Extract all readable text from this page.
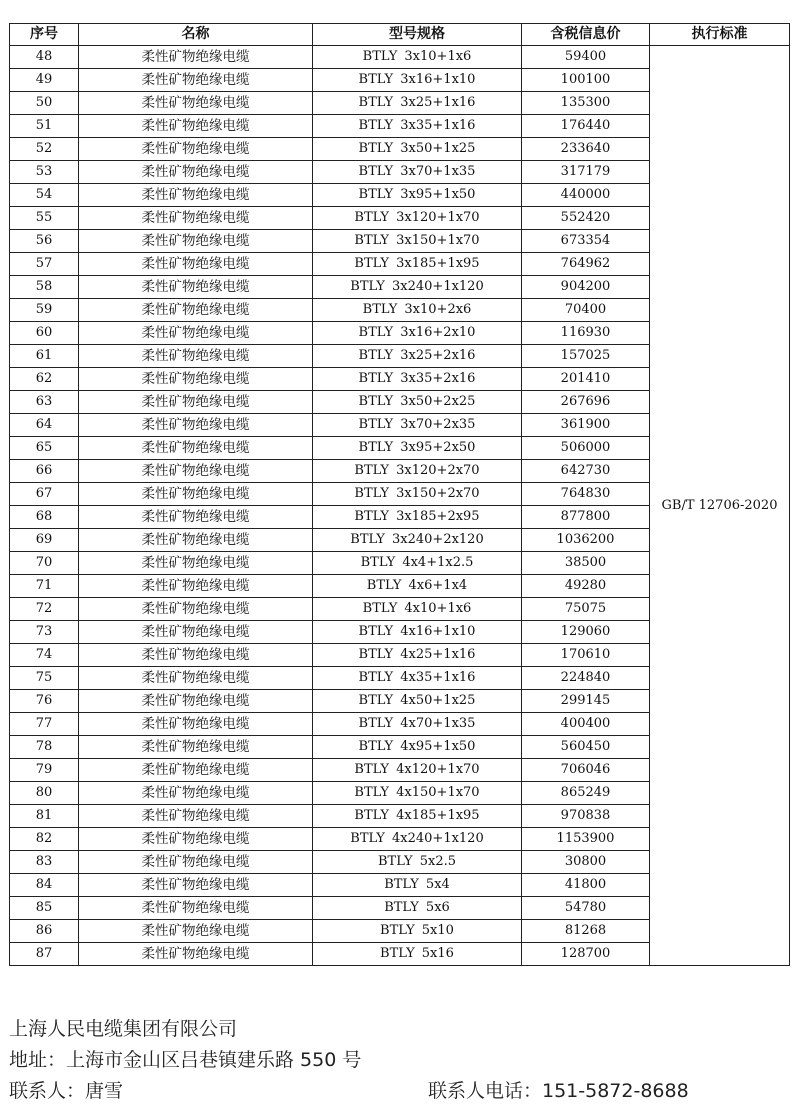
序号	名称	型号规格	含税信息价	执行标准
48	柔性矿物绝缘电缆	BTLY 3x10+1x6	59400	GB/T 12706-2020
49	柔性矿物绝缘电缆	BTLY 3x16+1x10	100100	
50	柔性矿物绝缘电缆	BTLY 3x25+1x16	135300	
51	柔性矿物绝缘电缆	BTLY 3x35+1x16	176440	
52	柔性矿物绝缘电缆	BTLY 3x50+1x25	233640	
53	柔性矿物绝缘电缆	BTLY 3x70+1x35	317179	
54	柔性矿物绝缘电缆	BTLY 3x95+1x50	440000	
55	柔性矿物绝缘电缆	BTLY 3x120+1x70	552420	
56	柔性矿物绝缘电缆	BTLY 3x150+1x70	673354	
57	柔性矿物绝缘电缆	BTLY 3x185+1x95	764962	
58	柔性矿物绝缘电缆	BTLY 3x240+1x120	904200	
59	柔性矿物绝缘电缆	BTLY 3x10+2x6	70400	
60	柔性矿物绝缘电缆	BTLY 3x16+2x10	116930	
61	柔性矿物绝缘电缆	BTLY 3x25+2x16	157025	
62	柔性矿物绝缘电缆	BTLY 3x35+2x16	201410	
63	柔性矿物绝缘电缆	BTLY 3x50+2x25	267696	
64	柔性矿物绝缘电缆	BTLY 3x70+2x35	361900	
65	柔性矿物绝缘电缆	BTLY 3x95+2x50	506000	
66	柔性矿物绝缘电缆	BTLY 3x120+2x70	642730	
67	柔性矿物绝缘电缆	BTLY 3x150+2x70	764830	
68	柔性矿物绝缘电缆	BTLY 3x185+2x95	877800	
69	柔性矿物绝缘电缆	BTLY 3x240+2x120	1036200	
70	柔性矿物绝缘电缆	BTLY 4x4+1x2.5	38500	
71	柔性矿物绝缘电缆	BTLY 4x6+1x4	49280	
72	柔性矿物绝缘电缆	BTLY 4x10+1x6	75075	
73	柔性矿物绝缘电缆	BTLY 4x16+1x10	129060	
74	柔性矿物绝缘电缆	BTLY 4x25+1x16	170610	
75	柔性矿物绝缘电缆	BTLY 4x35+1x16	224840	
76	柔性矿物绝缘电缆	BTLY 4x50+1x25	299145	
77	柔性矿物绝缘电缆	BTLY 4x70+1x35	400400	
78	柔性矿物绝缘电缆	BTLY 4x95+1x50	560450	
79	柔性矿物绝缘电缆	BTLY 4x120+1x70	706046	
80	柔性矿物绝缘电缆	BTLY 4x150+1x70	865249	
81	柔性矿物绝缘电缆	BTLY 4x185+1x95	970838	
82	柔性矿物绝缘电缆	BTLY 4x240+1x120	1153900	
83	柔性矿物绝缘电缆	BTLY 5x2.5	30800	
84	柔性矿物绝缘电缆	BTLY 5x4	41800	
85	柔性矿物绝缘电缆	BTLY 5x6	54780	
86	柔性矿物绝缘电缆	BTLY 5x10	81268	
87	柔性矿物绝缘电缆	BTLY 5x16	128700	
上海人民电缆集团有限公司
地址：上海市金山区吕巷镇建乐路 550 号
联系人：唐雪	联系人电话：151-5872-8688
